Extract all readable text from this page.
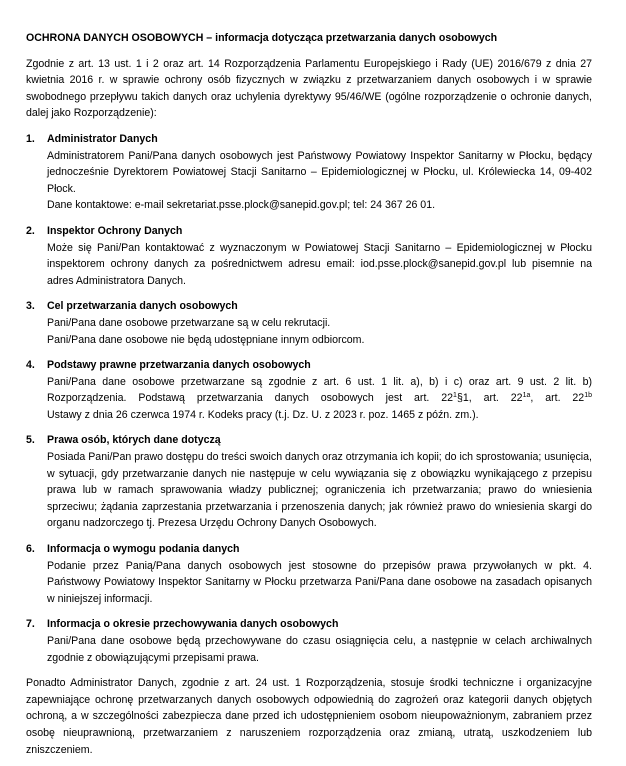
OCHRONA DANYCH OSOBOWYCH – informacja dotycząca przetwarzania danych osobowych

Zgodnie z art. 13 ust. 1 i 2 oraz art. 14 Rozporządzenia Parlamentu Europejskiego i Rady (UE) 2016/679 z dnia 27 kwietnia 2016 r. w sprawie ochrony osób fizycznych w związku z przetwarzaniem danych osobowych i w sprawie swobodnego przepływu takich danych oraz uchylenia dyrektywy 95/46/WE (ogólne rozporządzenie o ochronie danych, dalej jako Rozporządzenie):

1. Administrator Danych
Administratorem Pani/Pana danych osobowych jest Państwowy Powiatowy Inspektor Sanitarny w Płocku, będący jednocześnie Dyrektorem Powiatowej Stacji Sanitarno – Epidemiologicznej w Płocku, ul. Królewiecka 14, 09-402 Płock.
Dane kontaktowe: e-mail sekretariat.psse.plock@sanepid.gov.pl; tel: 24 367 26 01.
2. Inspektor Ochrony Danych
Może się Pani/Pan kontaktować z wyznaczonym w Powiatowej Stacji Sanitarno – Epidemiologicznej w Płocku inspektorem ochrony danych za pośrednictwem adresu email: iod.psse.plock@sanepid.gov.pl lub pisemnie na adres Administratora Danych.
3. Cel przetwarzania danych osobowych
Pani/Pana dane osobowe przetwarzane są w celu rekrutacji.
Pani/Pana dane osobowe nie będą udostępniane innym odbiorcom.
4. Podstawy prawne przetwarzania danych osobowych
Pani/Pana dane osobowe przetwarzane są zgodnie z art. 6 ust. 1 lit. a), b) i c) oraz art. 9 ust. 2 lit. b)
Rozporządzenia. Podstawą przetwarzania danych osobowych jest art. $22^1\S 1$, art. $22^{1a}$, art. $22^{1b}$
Ustawy z dnia 26 czerwca 1974 r. Kodeks pracy (t.j. Dz. U. z 2023 r. poz. 1465 z późn. zm.).
5. Prawa osób, których dane dotyczą
Posiada Pani/Pan prawo dostępu do treści swoich danych oraz otrzymania ich kopii; do ich sprostowania; usunięcia, w sytuacji, gdy przetwarzanie danych nie następuje w celu wywiązania się z obowiązku wynikającego z przepisu prawa lub w ramach sprawowania władzy publicznej; ograniczenia ich przetwarzania; prawo do wniesienia sprzeciwu; żądania zaprzestania przetwarzania i przenoszenia danych; jak również prawo do wniesienia skargi do organu nadzorczego tj. Prezesa Urzędu Ochrony Danych Osobowych.
6. Informacja o wymogu podania danych
Podanie przez Panią/Pana danych osobowych jest stosowne do przepisów prawa przywołanych w pkt. 4. Państwowy Powiatowy Inspektor Sanitarny w Płocku przetwarza Pani/Pana dane osobowe na zasadach opisanych w niniejszej informacji.
7. Informacja o okresie przechowywania danych osobowych
Pani/Pana dane osobowe będą przechowywane do czasu osiągnięcia celu, a następnie w celach archiwalnych zgodnie z obowiązującymi przepisami prawa.

Ponadto Administrator Danych, zgodnie z art. 24 ust. 1 Rozporządzenia, stosuje środki techniczne i organizacyjne zapewniające ochronę przetwarzanych danych osobowych odpowiednią do zagrożeń oraz kategorii danych objętych ochroną, a w szczególności zabezpiecza dane przed ich udostępnieniem osobom nieupoważnionym, zabraniem przez osobę nieuprawnioną, przetwarzaniem z naruszeniem rozporządzenia oraz zmianą, utratą, uszkodzeniem lub zniszczeniem.
